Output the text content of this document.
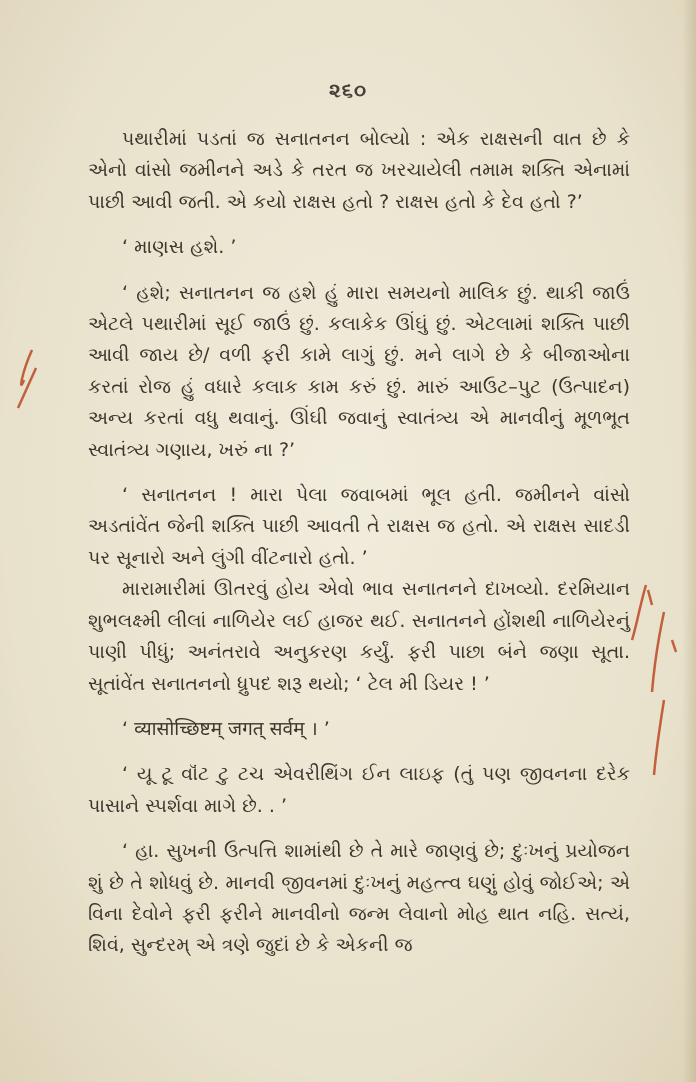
૨૬૦

પથારીમાં પડતાં જ સનાતનન બોલ્યો : એક રાક્ષસની વાત છે કે એનો વાંસો જમીનને અડે કે તરત જ ખરચાયેલી તમામ શક્તિ એનામાં પાછી આવી જતી. એ કયો રાક્ષસ હતો ? રાક્ષસ હતો કે દેવ હતો ?’

‘ માણસ હશે. ’

‘ હશે; સનાતનન જ હશે હું મારા સમયનો માલિક છું. થાકી જાઉં એટલે પથારીમાં સૂઈ જાઉં છું. કલાકેક ઊંઘું છું. એટલામાં શક્તિ પાછી આવી જાય છે/ વળી ફરી કામે લાગું છું. મને લાગે છે કે બીજાઓના કરતાં રોજ હું વધારે કલાક કામ કરું છું. મારું આઉટ–પુટ (ઉત્પાદન) અન્ય કરતાં વધુ થવાનું. ઊંઘી જવાનું સ્વાતંત્ર્ય એ માનવીનું મૂળભૂત સ્વાતંત્ર્ય ગણાય, ખરું ના ?’

‘ સનાતનન ! મારા પેલા જવાબમાં ભૂલ હતી. જમીનને વાંસો અડતાંવેંત જેની શક્તિ પાછી આવતી તે રાક્ષસ જ હતો. એ રાક્ષસ સાદડી પર સૂનારો અને લુંગી વીંટનારો હતો. ’

મારામારીમાં ઊતરવું હોય એવો ભાવ સનાતનને દાખવ્યો. દરમિયાન શુભલક્ષ્મી લીલાં નાળિયેર લઈ હાજર થઈ. સનાતનને હોંશથી નાળિયેરનું પાણી પીધું; અનંતરાવે અનુકરણ કર્યું. ફરી પાછા બંને જણા સૂતા. સૂતાંવેંત સનાતનનો ધ્રુપદ શરૂ થયો; ‘ ટેલ મી ડિયર ! ’

‘ व्यासोच्छिष्टम् जगत् सर्वम् । ’

‘ યૂ ટૂ વૉંટ ટુ ટચ એવરીથિંગ ઈન લાઇફ (તું પણ જીવનના દરેક પાસાને સ્પર્શવા માગે છે. . ’

‘ હા. સુખની ઉત્પત્તિ શામાંથી છે તે મારે જાણવું છે; દુઃખનું પ્રયોજન શું છે તે શોધવું છે. માનવી જીવનમાં દુઃખનું મહત્ત્વ ઘણું હોવું જોઈએ; એ વિના દેવોને ફરી ફરીને માનવીનો જન્મ લેવાનો મોહ થાત નહિ. સત્યં, શિવં, સુન્દરમ્ એ ત્રણે જુદાં છે કે એકની જ
